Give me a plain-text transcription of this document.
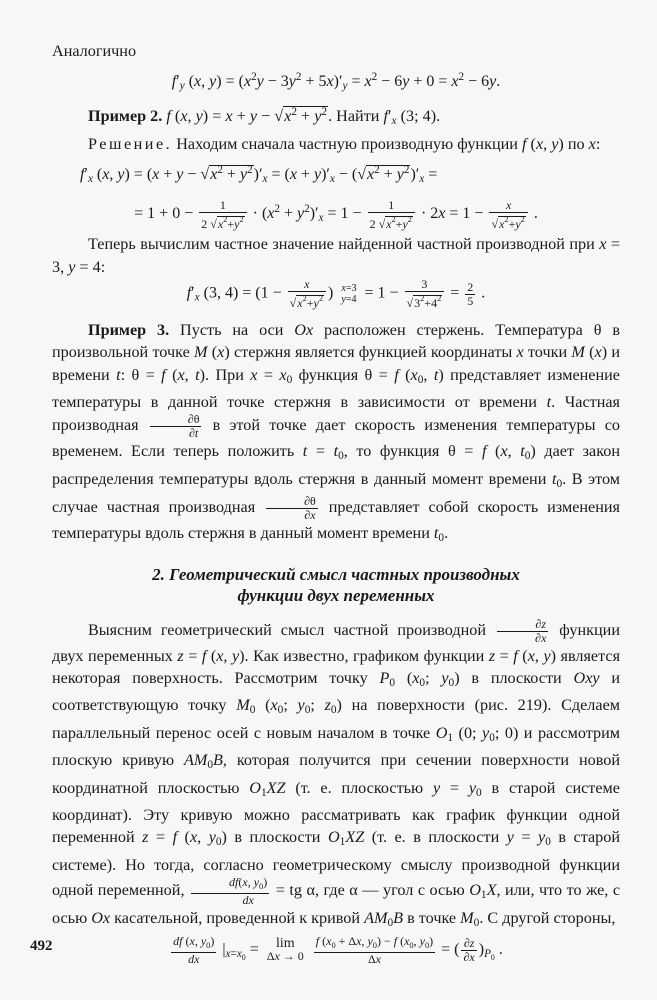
Аналогично

$f'_y$ (x, $y) = (x^2y - 3y^2 + 5x)'_y = x^2 - 6y + 0 = x^2 - 6y$.

Пример 2. f (x, $y) = x + y - √x^2 + y^2$. Найти $f'_x$ (3; 4).

Решение. Находим сначала частную производную функции f (x, y) по x:

$f'_x$ (x, $y) = (x + y - √x^2 + y^2)'_x = (x + y)'_x - (√x^2 + y^2)'_x$ =

= $1 + 0 - \frac{1}{2 √x^2+y^2} \cdot (x^2 + y^2)'_x = 1 - \frac{1}{2 √x^2+y^2} \cdot 2x = 1 - \frac{x}{√x^2+y^2}$ .

Теперь вычислим частное значение найденной частной производной при x = 3, y = 4:

$f'_x$ (3, $4) = (1 - \frac{x}{√x^2+y^2}$ ) x=3
$y=4 = 1 - \frac{3}{√3^2+4^2} = \frac{2}{5}$ .

Пример 3. Пусть на оси Ox расположен стержень. Температура θ в произвольной точке M (x) стержня является функцией координаты x точки M (x) и времени t: θ = f (x, t). При $x = x_0$ функция θ = f ($x_0$, t) представляет изменение температуры в данной точке стержня в зависимости от времени t. Частная производная $\frac{\partial\theta}{\partial t}$ в этой точке дает скорость изменения температуры со временем. Если теперь положить $t = t_0$, то функция θ = f (x, $t_0$) дает закон распределения температуры вдоль стержня в данный момент времени $t_0$. В этом случае частная производная $\frac{\partial\theta}{\partial x}$ представляет собой скорость изменения температуры вдоль стержня в данный момент времени $t_0$.

2. Геометрический смысл частных производных
функции двух переменных

Выясним геометрический смысл частной производной $\frac{\partial z}{\partial x}$ функции двух переменных z = f (x, y). Как известно, графиком функции z = f (x, y) является некоторая поверхность. Рассмотрим точку $P_0$ ($x_0$; $y_0$) в плоскости Oxy и соответствующую точку $M_0$ ($x_0$; $y_0$; $z_0$) на поверхности (рис. 219). Сделаем параллельный перенос осей с новым началом в точке $O_1$ (0; $y_0$; 0) и рассмотрим плоскую кривую $AM_0B$, которая получится при сечении поверхности новой координатной плоскостью $O_1XZ$ (т. е. плоскостью $y = y_0$ в старой системе координат). Эту кривую можно рассматривать как график функции одной переменной z = f (x, $y_0$) в плоскости $O_1XZ$ (т. е. в плоскости $y = y_0$ в старой системе). Но тогда, согласно геометрическому смыслу производной функции одной переменной, $\frac{df(x, y_0)}{dx}$ = tg α, где α — угол с осью $O_1X$, или, что то же, с осью Ox касательной, проведенной к кривой $AM_0B$ в точке $M_0$. С другой стороны,

$\frac{df (x, y_0)}{dx} |_{x=x_0} = \lim$
Δx → 0
$\frac{f (x_0 + \Delta x, y_0) - f (x_0, y_0)}{\Delta x}$ = ( $\frac{\partial z}{\partial x} )_{P_0}$ .

492
